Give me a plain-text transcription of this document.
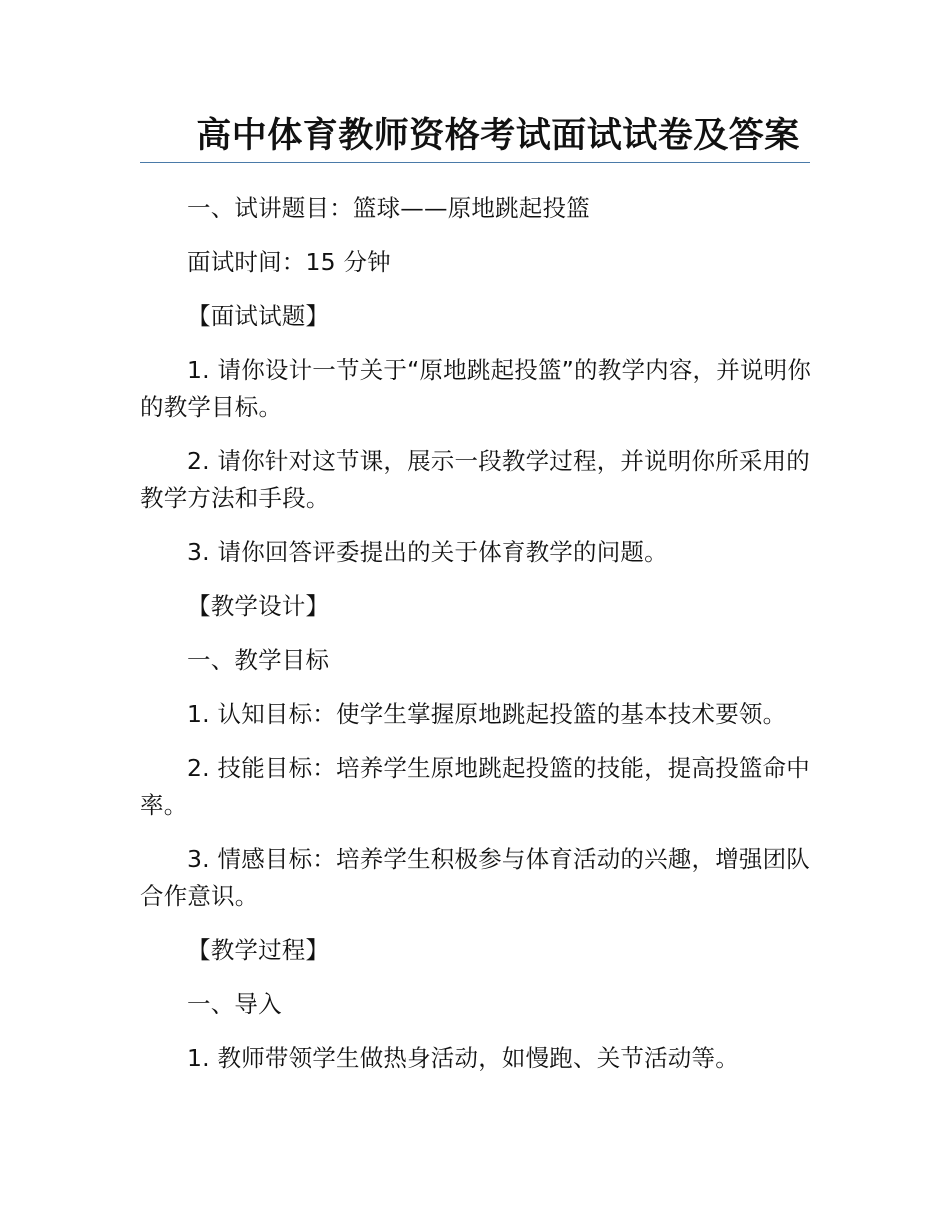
高中体育教师资格考试面试试卷及答案

一、试讲题目：篮球——原地跳起投篮

面试时间：15 分钟

【面试试题】

1. 请你设计一节关于“原地跳起投篮”的教学内容，并说明你的教学目标。

2. 请你针对这节课，展示一段教学过程，并说明你所采用的教学方法和手段。

3. 请你回答评委提出的关于体育教学的问题。

【教学设计】

一、教学目标

1. 认知目标：使学生掌握原地跳起投篮的基本技术要领。

2. 技能目标：培养学生原地跳起投篮的技能，提高投篮命中率。

3. 情感目标：培养学生积极参与体育活动的兴趣，增强团队合作意识。

【教学过程】

一、导入

1. 教师带领学生做热身活动，如慢跑、关节活动等。
